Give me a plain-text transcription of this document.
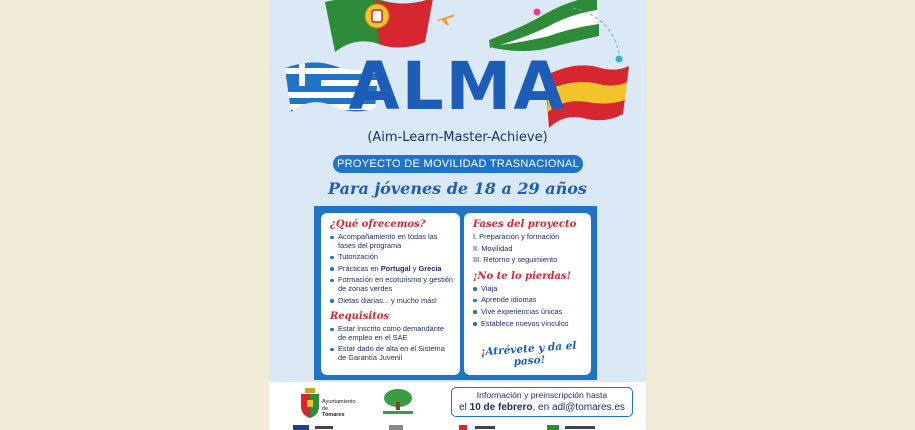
ALMA
(Aim-Learn-Master-Achieve)
PROYECTO DE MOVILIDAD TRASNACIONAL
Para jóvenes de 18 a 29 años
¿Qué ofrecemos?
Acompañamiento en todas las fases del programa
Tutorización
Prácticas en Portugal y Grecia
Formación en ecoturismo y gestión de zonas verdes
Dietas diarias... y mucho más!
Requisitos
Estar inscrito como demandante de empleo en el SAE
Estar dado de alta en el Sistema de Garantía Juvenil
Fases del proyecto
I. Preparación y formación
II. Movilidad
III. Retorno y seguimiento
¡No te lo pierdas!
Viaja
Aprende idiomas
Vive experiencias únicas
Establece nuevos vínculos
¡Atrévete y da el paso!
Ayuntamiento
de
Tomares
Información y preinscripción hasta
el 10 de febrero, en adl@tomares.es
